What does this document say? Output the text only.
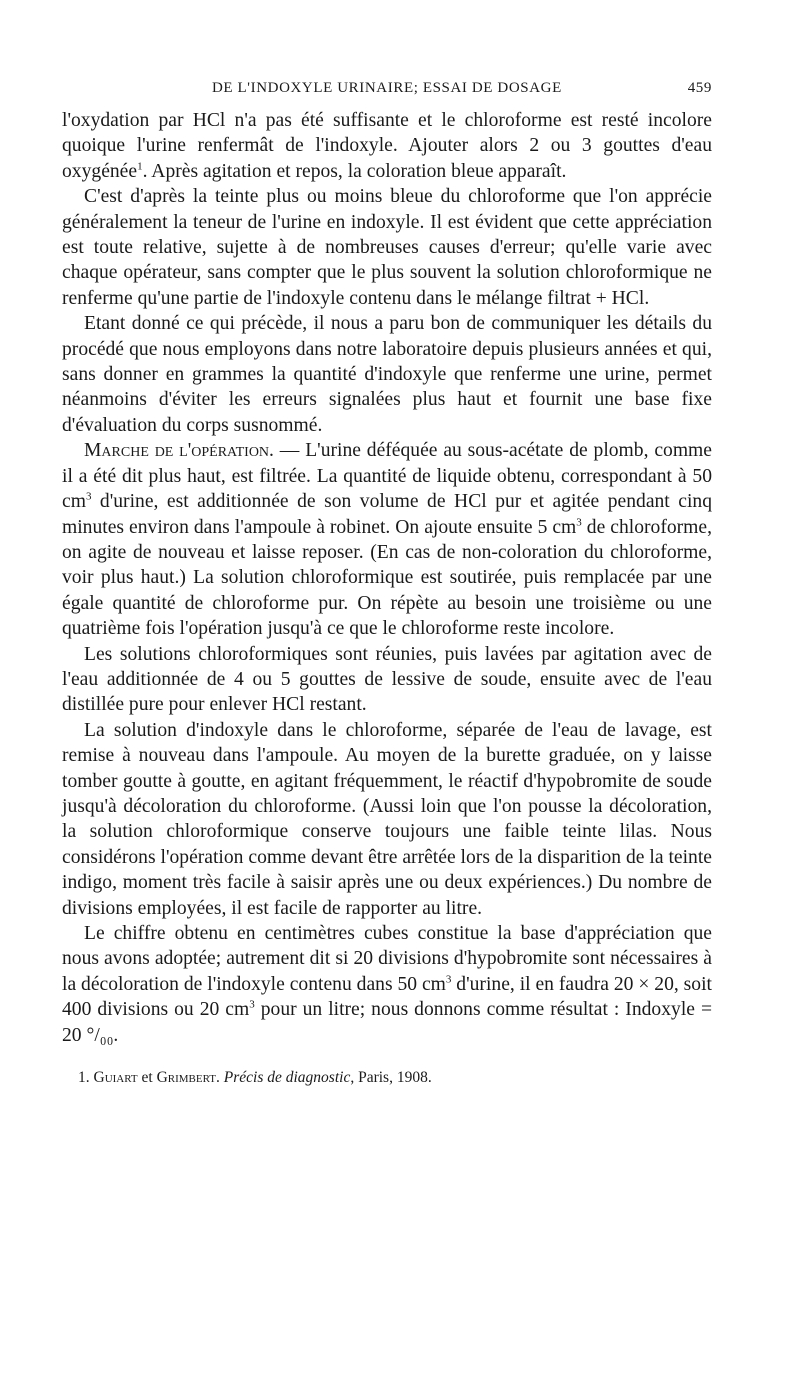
DE L'INDOXYLE URINAIRE; ESSAI DE DOSAGE	459

l'oxydation par HCl n'a pas été suffisante et le chloroforme est resté incolore quoique l'urine renfermât de l'indoxyle. Ajouter alors 2 ou 3 gouttes d'eau oxygénée$^1$. Après agitation et repos, la coloration bleue apparaît.

C'est d'après la teinte plus ou moins bleue du chloroforme que l'on apprécie généralement la teneur de l'urine en indoxyle. Il est évident que cette appréciation est toute relative, sujette à de nombreuses causes d'erreur; qu'elle varie avec chaque opérateur, sans compter que le plus souvent la solution chloroformique ne renferme qu'une partie de l'indoxyle contenu dans le mélange filtrat + HCl.

Etant donné ce qui précède, il nous a paru bon de communiquer les détails du procédé que nous employons dans notre laboratoire depuis plusieurs années et qui, sans donner en grammes la quantité d'indoxyle que renferme une urine, permet néanmoins d'éviter les erreurs signalées plus haut et fournit une base fixe d'évaluation du corps susnommé.

Marche de l'opération. — L'urine déféquée au sous-acétate de plomb, comme il a été dit plus haut, est filtrée. La quantité de liquide obtenu, correspondant à 50 $cm^3$ d'urine, est additionnée de son volume de HCl pur et agitée pendant cinq minutes environ dans l'ampoule à robinet. On ajoute ensuite 5 $cm^3$ de chloroforme, on agite de nouveau et laisse reposer. (En cas de non-coloration du chloroforme, voir plus haut.) La solution chloroformique est soutirée, puis remplacée par une égale quantité de chloroforme pur. On répète au besoin une troisième ou une quatrième fois l'opération jusqu'à ce que le chloroforme reste incolore.

Les solutions chloroformiques sont réunies, puis lavées par agitation avec de l'eau additionnée de 4 ou 5 gouttes de lessive de soude, ensuite avec de l'eau distillée pure pour enlever HCl restant.

La solution d'indoxyle dans le chloroforme, séparée de l'eau de lavage, est remise à nouveau dans l'ampoule. Au moyen de la burette graduée, on y laisse tomber goutte à goutte, en agitant fréquemment, le réactif d'hypobromite de soude jusqu'à décoloration du chloroforme. (Aussi loin que l'on pousse la décoloration, la solution chloroformique conserve toujours une faible teinte lilas. Nous considérons l'opération comme devant être arrêtée lors de la disparition de la teinte indigo, moment très facile à saisir après une ou deux expériences.) Du nombre de divisions employées, il est facile de rapporter au litre.

Le chiffre obtenu en centimètres cubes constitue la base d'appréciation que nous avons adoptée; autrement dit si 20 divisions d'hypobromite sont nécessaires à la décoloration de l'indoxyle contenu dans 50 $cm^3$ d'urine, il en faudra 20 × 20, soit 400 divisions ou 20 $cm^3$ pour un litre; nous donnons comme résultat : Indoxyle = 20 °/₀₀.

1. Guiart et Grimbert. Précis de diagnostic, Paris, 1908.
